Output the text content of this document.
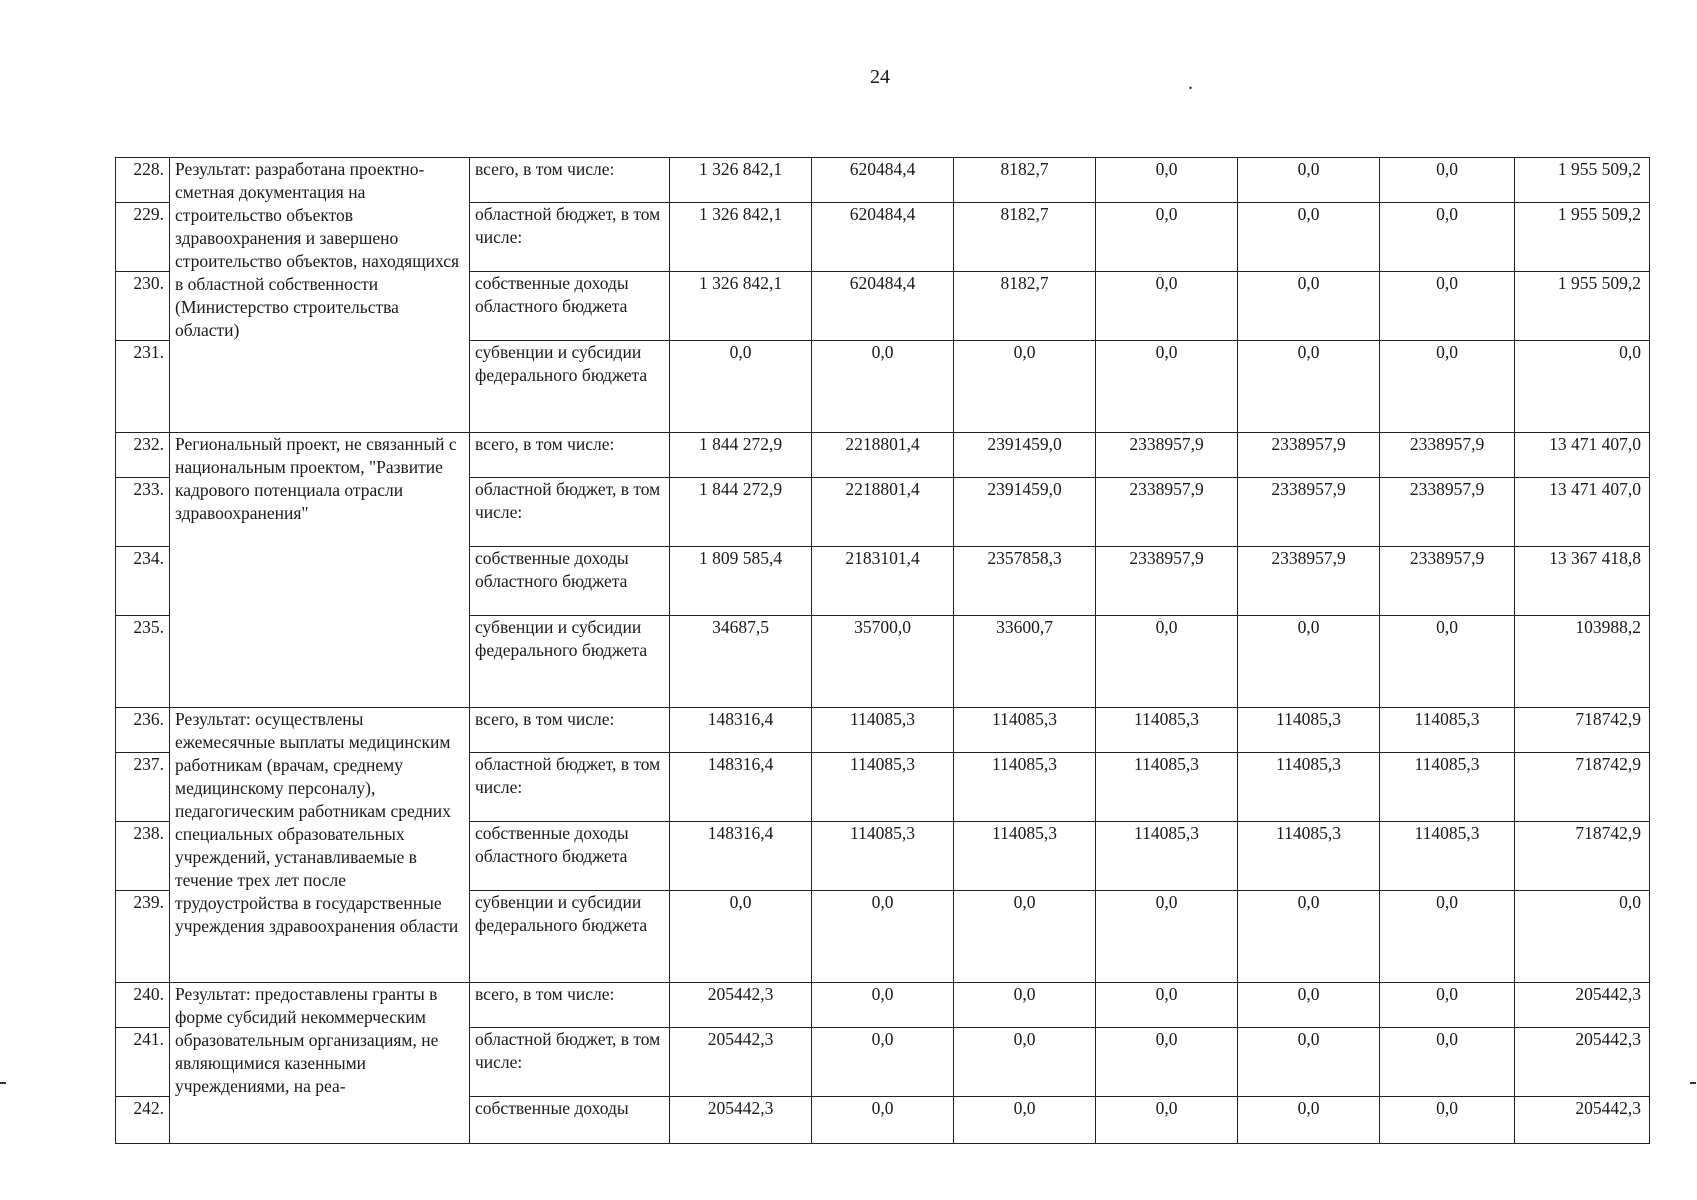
24	.
228.	Результат: разработана проектно-сметная документация на строительство объектов здравоохранения и завершено строительство объектов, находящихся в областной собственности (Министерство строительства области)	всего, в том числе:	1 326 842,1	620484,4	8182,7	0,0	0,0	0,0	1 955 509,2
229.		областной бюджет, в том числе:	1 326 842,1	620484,4	8182,7	0,0	0,0	0,0	1 955 509,2
230.		собственные доходы областного бюджета	1 326 842,1	620484,4	8182,7	0,0	0,0	0,0	1 955 509,2
231.		субвенции и субсидии федерального бюджета	0,0	0,0	0,0	0,0	0,0	0,0	0,0
232.	Региональный проект, не связанный с национальным проектом, "Развитие кадрового потенциала отрасли здравоохранения"	всего, в том числе:	1 844 272,9	2218801,4	2391459,0	2338957,9	2338957,9	2338957,9	13 471 407,0
233.		областной бюджет, в том числе:	1 844 272,9	2218801,4	2391459,0	2338957,9	2338957,9	2338957,9	13 471 407,0
234.		собственные доходы областного бюджета	1 809 585,4	2183101,4	2357858,3	2338957,9	2338957,9	2338957,9	13 367 418,8
235.		субвенции и субсидии федерального бюджета	34687,5	35700,0	33600,7	0,0	0,0	0,0	103988,2
236.	Результат: осуществлены ежемесячные выплаты медицинским работникам (врачам, среднему медицинскому персоналу), педагогическим работникам средних специальных образовательных учреждений, устанавливаемые в течение трех лет после трудоустройства в государственные учреждения здравоохранения области	всего, в том числе:	148316,4	114085,3	114085,3	114085,3	114085,3	114085,3	718742,9
237.		областной бюджет, в том числе:	148316,4	114085,3	114085,3	114085,3	114085,3	114085,3	718742,9
238.		собственные доходы областного бюджета	148316,4	114085,3	114085,3	114085,3	114085,3	114085,3	718742,9
239.		субвенции и субсидии федерального бюджета	0,0	0,0	0,0	0,0	0,0	0,0	0,0
240.	Результат: предоставлены гранты в форме субсидий некоммерческим образовательным организациям, не являющимися казенными учреждениями, на реа-	всего, в том числе:	205442,3	0,0	0,0	0,0	0,0	0,0	205442,3
241.		областной бюджет, в том числе:	205442,3	0,0	0,0	0,0	0,0	0,0	205442,3
242.		собственные доходы	205442,3	0,0	0,0	0,0	0,0	0,0	205442,3
